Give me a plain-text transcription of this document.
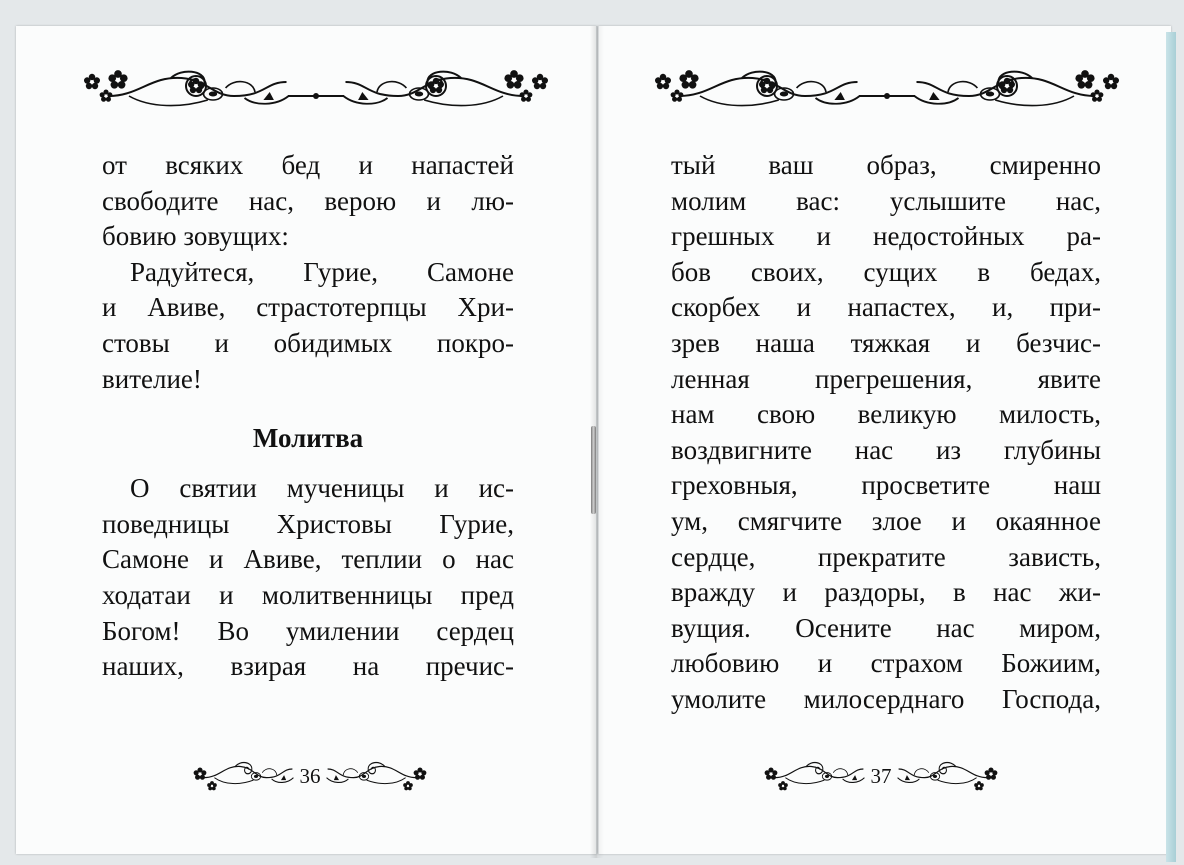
от всяких бед и напастей
свободите нас, верою и лю-
бовию зовущих:
Радуйтеся, Гурие, Самоне
и Авиве, страстотерпцы Хри-
стовы и обидимых покро-
вителие!
Молитва
О святии мученицы и ис-
поведницы Христовы Гурие,
Самоне и Авиве, теплии о нас
ходатаи и молитвенницы пред
Богом! Во умилении сердец
наших, взирая на пречис-
36
тый ваш образ, смиренно
молим вас: услышите нас,
грешных и недостойных ра-
бов своих, сущих в бедах,
скорбех и напастех, и, при-
зрев наша тяжкая и безчис-
ленная прегрешения, явите
нам свою великую милость,
воздвигните нас из глубины
греховныя, просветите наш
ум, смягчите злое и окаянное
сердце, прекратите зависть,
вражду и раздоры, в нас жи-
вущия. Осените нас миром,
любовию и страхом Божиим,
умолите милосерднаго Господа,
37
